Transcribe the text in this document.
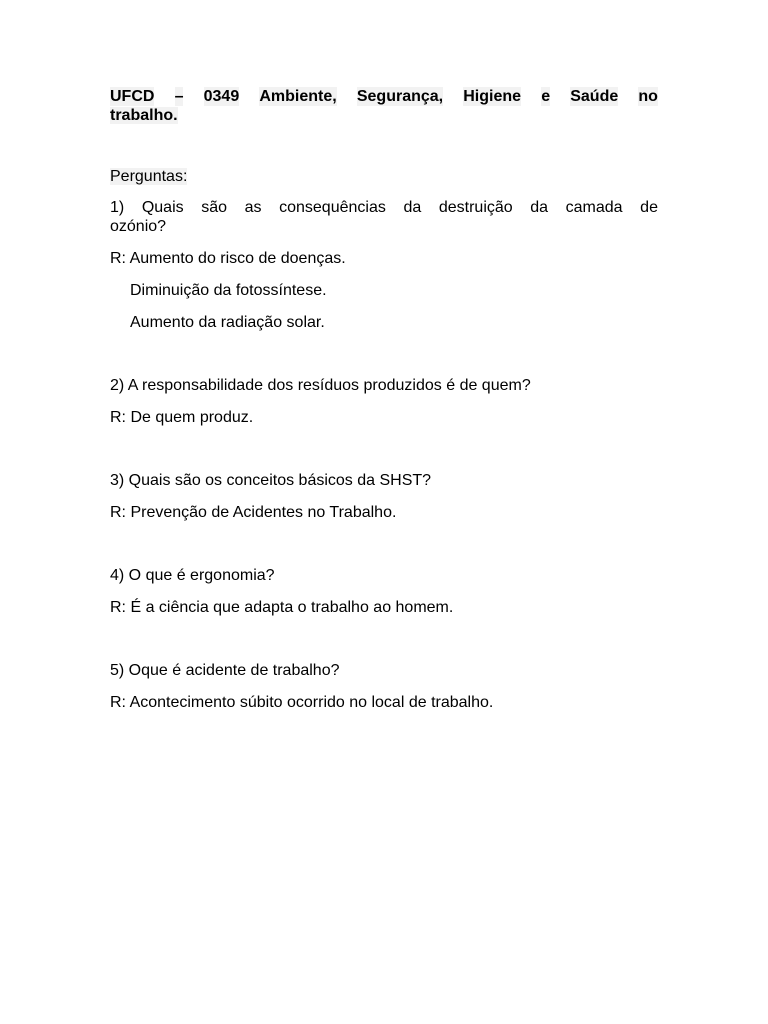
UFCD – 0349 Ambiente, Segurança, Higiene e Saúde no
trabalho.
Perguntas:
1) Quais são as consequências da destruição da camada de
ozónio?
R: Aumento do risco de doenças.
Diminuição da fotossíntese.
Aumento da radiação solar.
2) A responsabilidade dos resíduos produzidos é de quem?
R: De quem produz.
3) Quais são os conceitos básicos da SHST?
R: Prevenção de Acidentes no Trabalho.
4) O que é ergonomia?
R: É a ciência que adapta o trabalho ao homem.
5) Oque é acidente de trabalho?
R: Acontecimento súbito ocorrido no local de trabalho.
